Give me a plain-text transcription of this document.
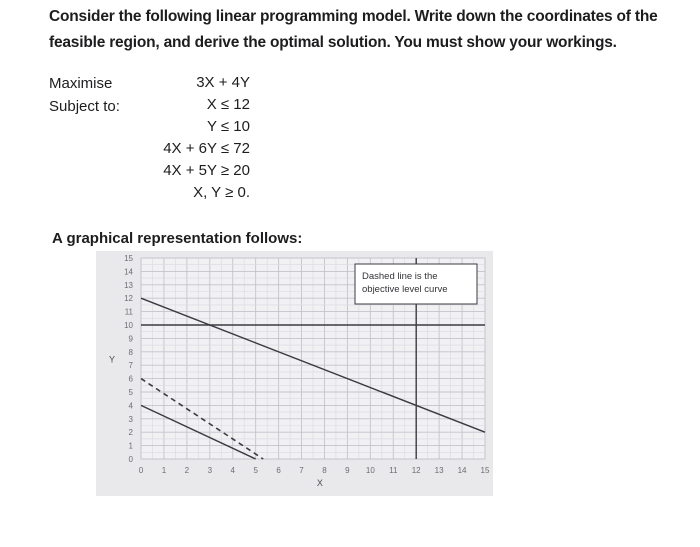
Consider the following linear programming model. Write down the coordinates of the
feasible region, and derive the optimal solution. You must show your workings.
Maximise
Subject to:
3X + 4Y
X ≤ 12
Y ≤ 10
4X + 6Y ≤ 72
4X + 5Y ≥ 20
X, Y ≥ 0.
A graphical representation follows:
0
1
2
3
4
5
6
7
8
9
10
11
12
13
14
15
0 1 2 3 4 5 6 7 8 9 10 11 12 13 14 15
Y
X
Dashed line is the
objective level curve
